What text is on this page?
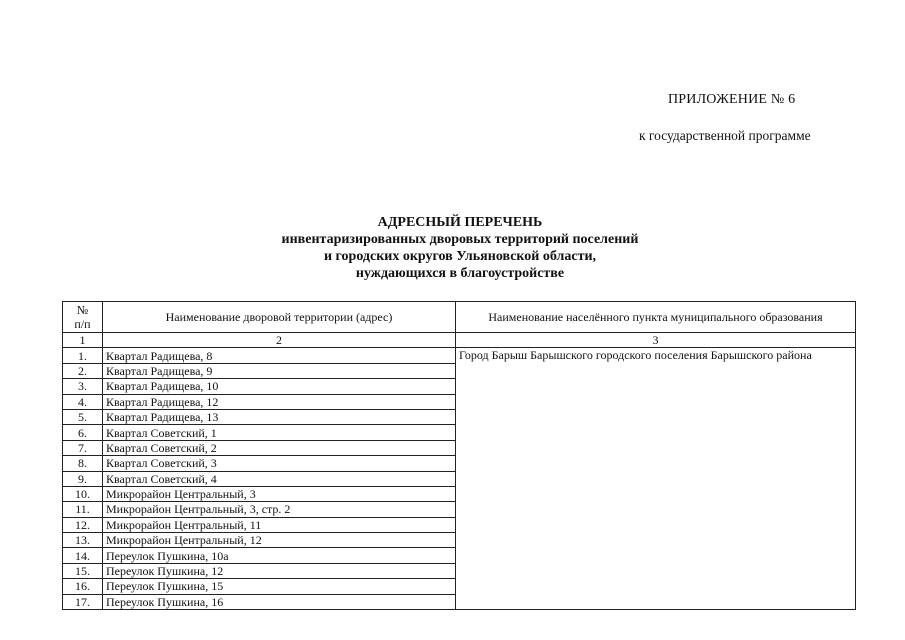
ПРИЛОЖЕНИЕ № 6
к государственной программе
АДРЕСНЫЙ ПЕРЕЧЕНЬ
инвентаризированных дворовых территорий поселений
и городских округов Ульяновской области,
нуждающихся в благоустройстве
№ п/п	Наименование дворовой территории (адрес)	Наименование населённого пункта муниципального образования
1	2	3
1.	Квартал Радищева, 8	Город Барыш Барышского городского поселения Барышского района
2.	Квартал Радищева, 9	
3.	Квартал Радищева, 10	
4.	Квартал Радищева, 12	
5.	Квартал Радищева, 13	
6.	Квартал Советский, 1	
7.	Квартал Советский, 2	
8.	Квартал Советский, 3	
9.	Квартал Советский, 4	
10.	Микрорайон Центральный, 3	
11.	Микрорайон Центральный, 3, стр. 2	
12.	Микрорайон Центральный, 11	
13.	Микрорайон Центральный, 12	
14.	Переулок Пушкина, 10а	
15.	Переулок Пушкина, 12	
16.	Переулок Пушкина, 15	
17.	Переулок Пушкина, 16	
